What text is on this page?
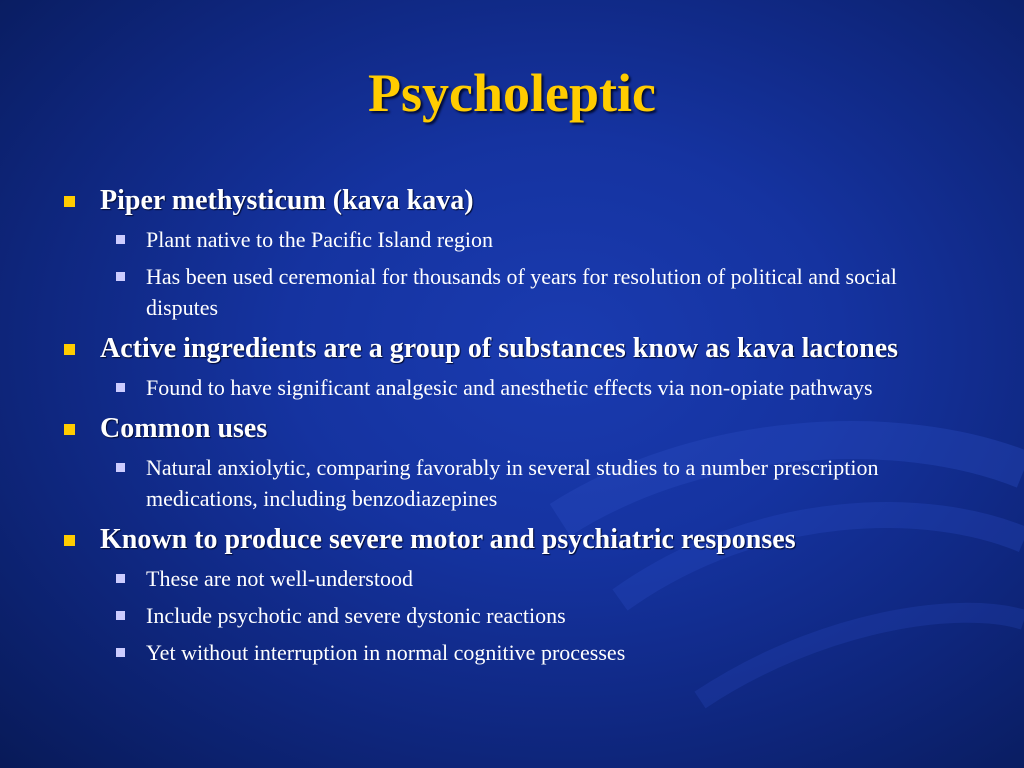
Psycholeptic
Piper methysticum (kava kava)
Plant native to the Pacific Island region
Has been used ceremonial for thousands of years for resolution of political and social disputes
Active ingredients are a group of substances know as kava lactones
Found to have significant analgesic and anesthetic effects via non-opiate pathways
Common uses
Natural anxiolytic, comparing favorably in several studies to a number prescription medications, including benzodiazepines
Known to produce severe motor and psychiatric responses
These are not well-understood
Include psychotic and severe dystonic reactions
Yet without interruption in normal cognitive processes
